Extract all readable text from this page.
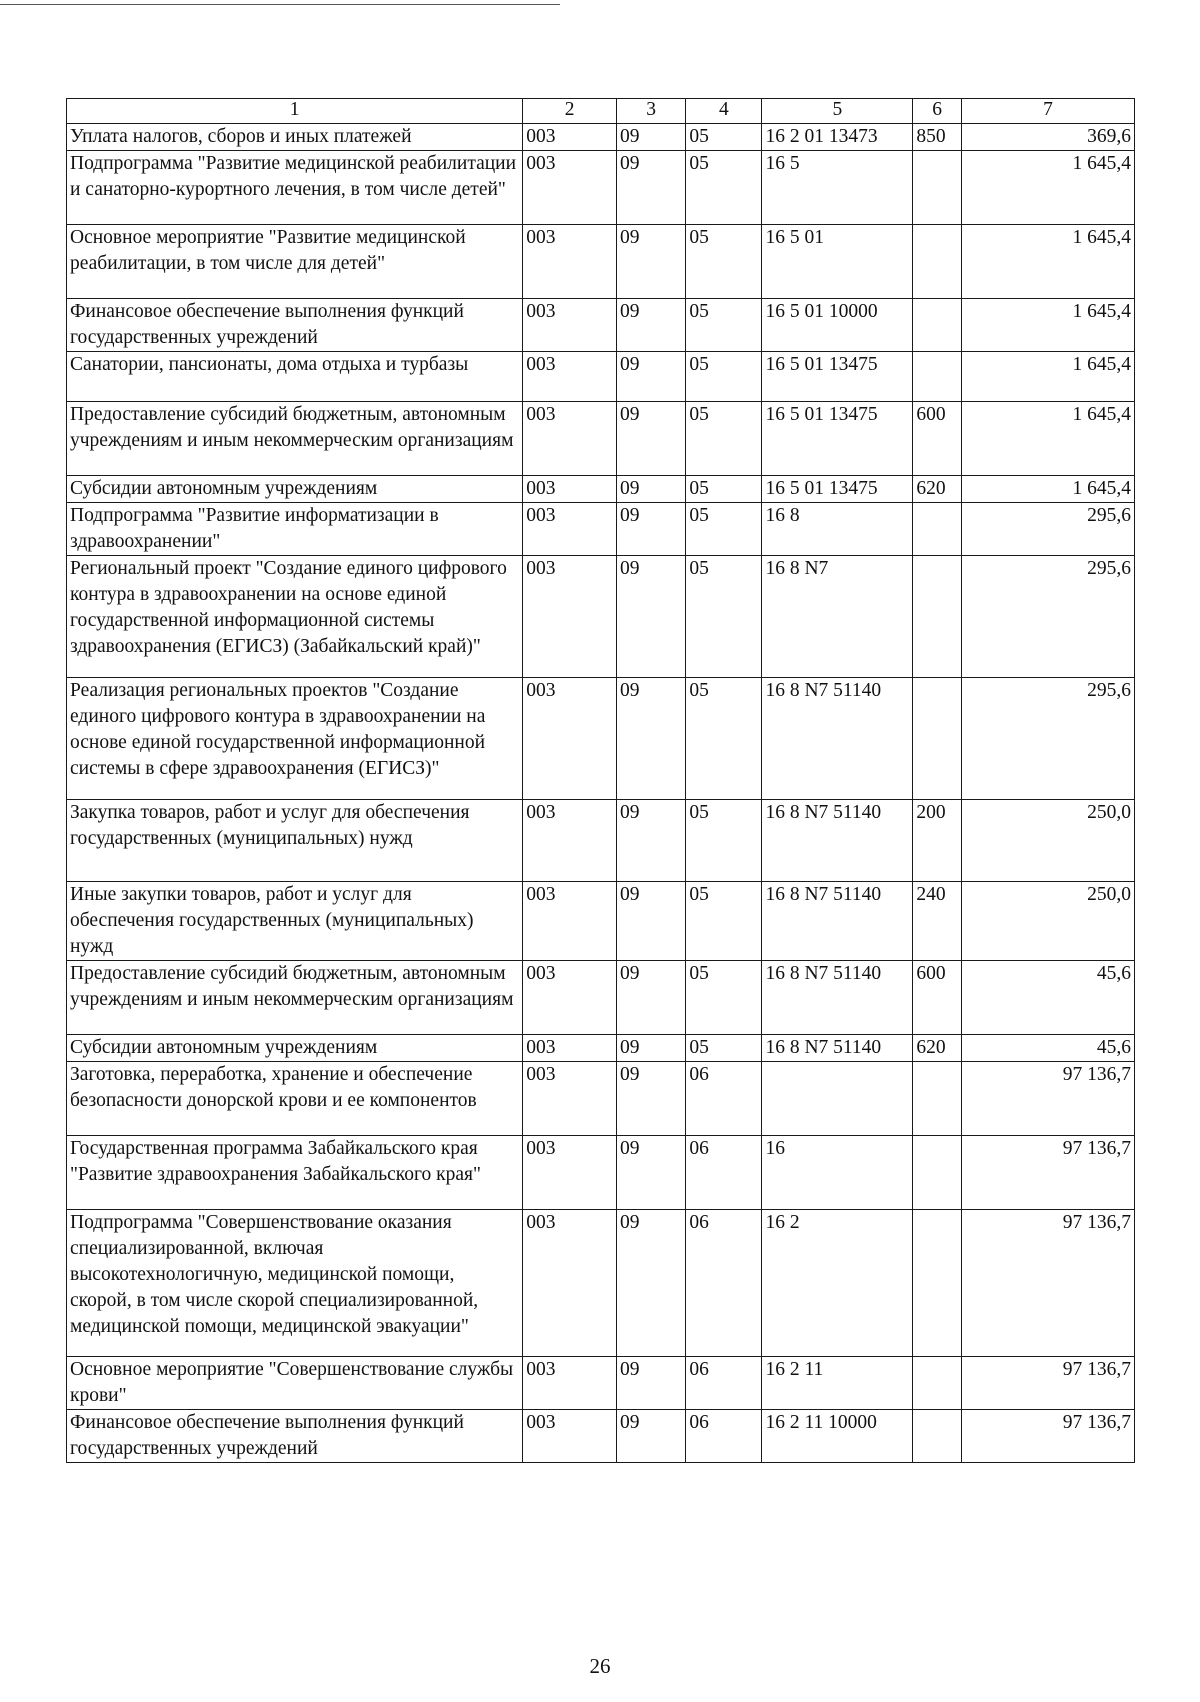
1	2	3	4	5	6	7
Уплата налогов, сборов и иных платежей	003	09	05	16 2 01 13473	850	369,6
Подпрограмма "Развитие медицинской реабилитации и санаторно-курортного лечения, в том числе детей"	003	09	05	16 5		1 645,4
Основное мероприятие "Развитие медицинской реабилитации, в том числе для детей"	003	09	05	16 5 01		1 645,4
Финансовое обеспечение выполнения функций государственных учреждений	003	09	05	16 5 01 10000		1 645,4
Санатории, пансионаты, дома отдыха и турбазы	003	09	05	16 5 01 13475		1 645,4
Предоставление субсидий бюджетным, автономным учреждениям и иным некоммерческим организациям	003	09	05	16 5 01 13475	600	1 645,4
Субсидии автономным учреждениям	003	09	05	16 5 01 13475	620	1 645,4
Подпрограмма "Развитие информатизации в здравоохранении"	003	09	05	16 8		295,6
Региональный проект "Создание единого цифрового контура в здравоохранении на основе единой государственной информационной системы здравоохранения (ЕГИСЗ) (Забайкальский край)"	003	09	05	16 8 N7		295,6
Реализация региональных проектов "Создание единого цифрового контура в здравоохранении на основе единой государственной информационной системы в сфере здравоохранения (ЕГИСЗ)"	003	09	05	16 8 N7 51140		295,6
Закупка товаров, работ и услуг для обеспечения государственных (муниципальных) нужд	003	09	05	16 8 N7 51140	200	250,0
Иные закупки товаров, работ и услуг для обеспечения государственных (муниципальных) нужд	003	09	05	16 8 N7 51140	240	250,0
Предоставление субсидий бюджетным, автономным учреждениям и иным некоммерческим организациям	003	09	05	16 8 N7 51140	600	45,6
Субсидии автономным учреждениям	003	09	05	16 8 N7 51140	620	45,6
Заготовка, переработка, хранение и обеспечение безопасности донорской крови и ее компонентов	003	09	06			97 136,7
Государственная программа Забайкальского края "Развитие здравоохранения Забайкальского края"	003	09	06	16		97 136,7
Подпрограмма "Совершенствование оказания специализированной, включая высокотехнологичную, медицинской помощи, скорой, в том числе скорой специализированной, медицинской помощи, медицинской эвакуации"	003	09	06	16 2		97 136,7
Основное мероприятие "Совершенствование службы крови"	003	09	06	16 2 11		97 136,7
Финансовое обеспечение выполнения функций государственных учреждений	003	09	06	16 2 11 10000		97 136,7
26
